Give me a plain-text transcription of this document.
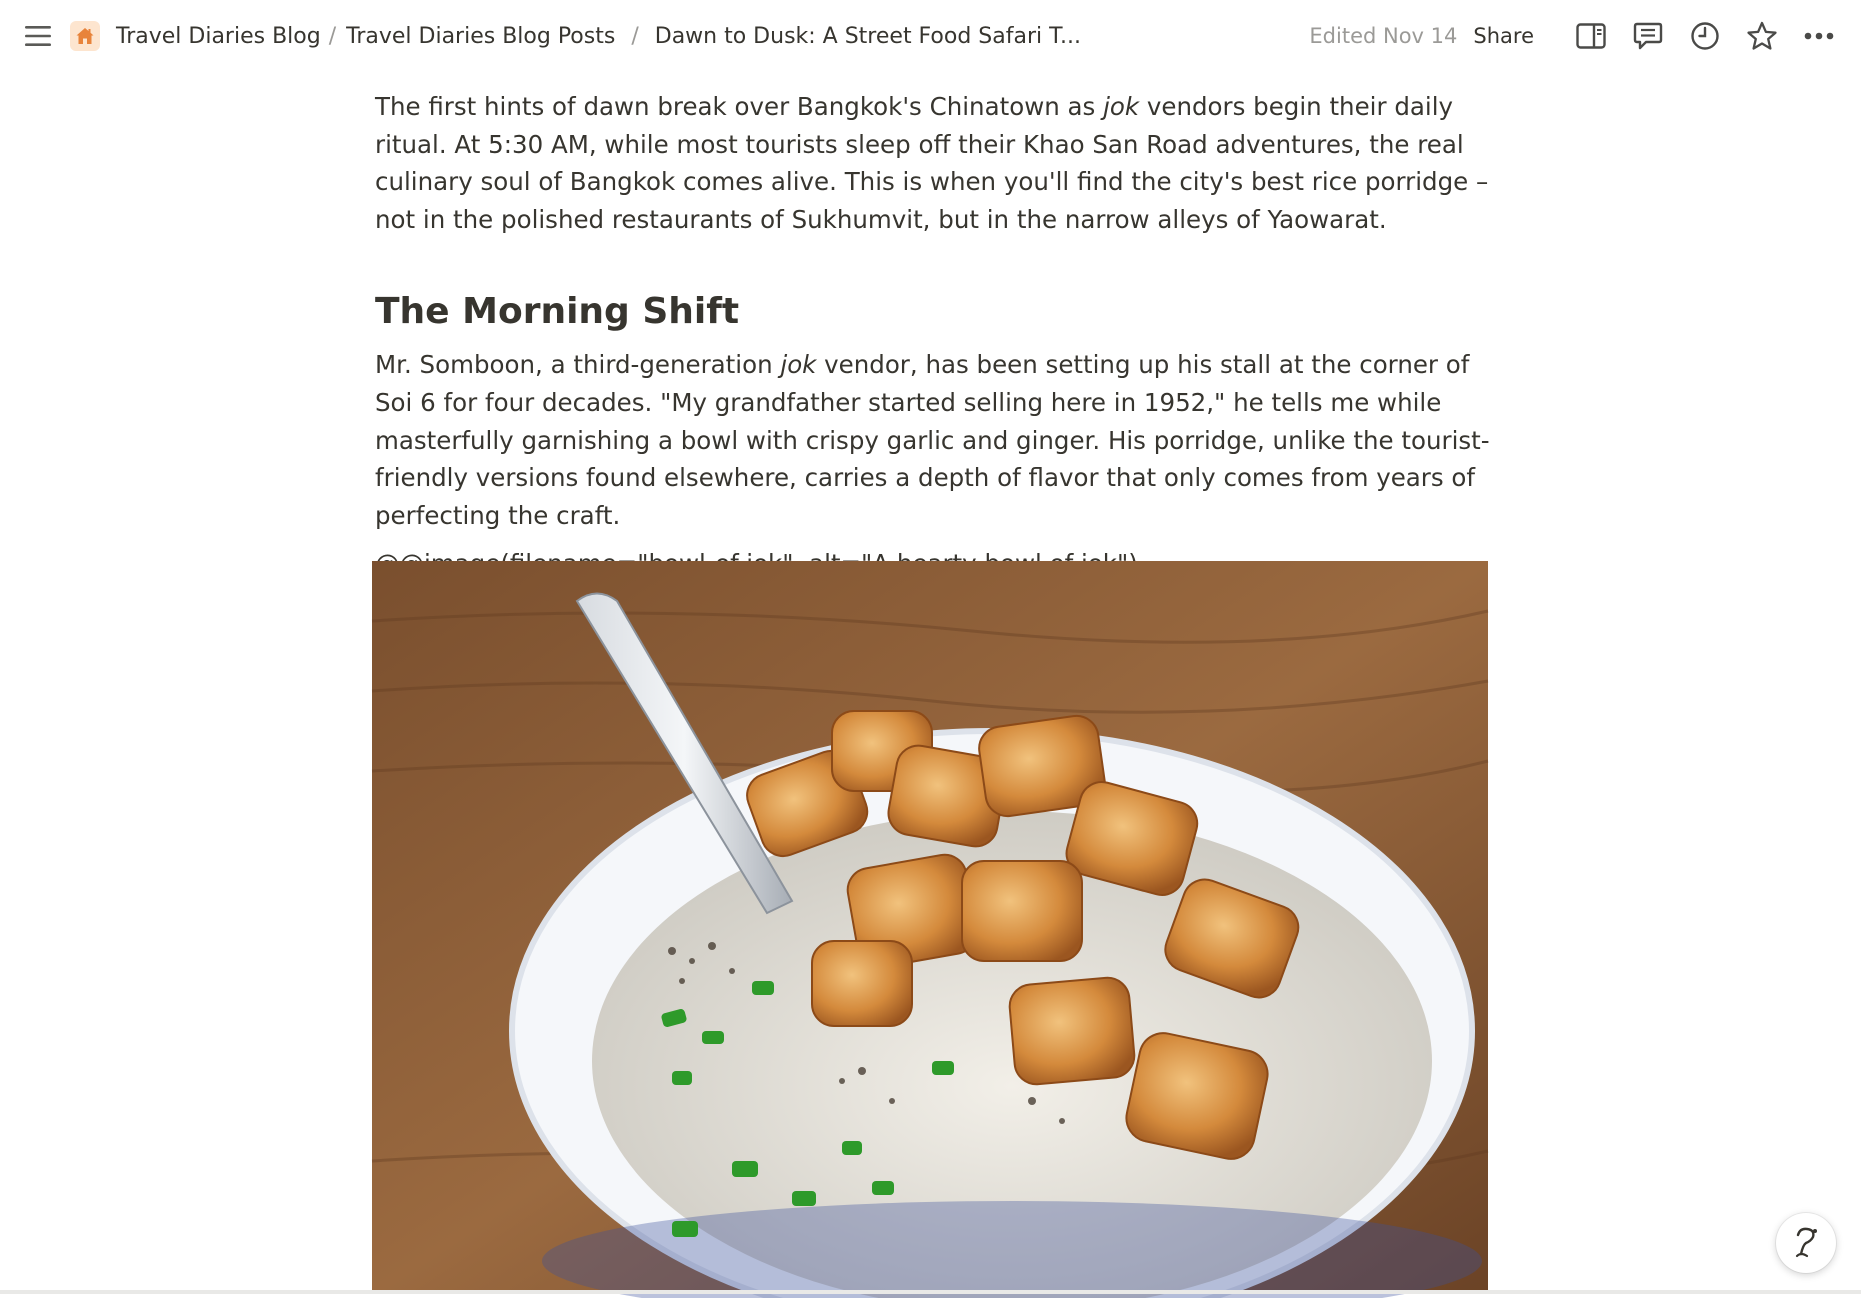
Travel Diaries Blog / Travel Diaries Blog Posts / Dawn to Dusk: A Street Food Safari T...	Edited Nov 14 Share

The first hints of dawn break over Bangkok's Chinatown as jok vendors begin their daily ritual. At 5:30 AM, while most tourists sleep off their Khao San Road adventures, the real culinary soul of Bangkok comes alive. This is when you'll find the city's best rice porridge – not in the polished restaurants of Sukhumvit, but in the narrow alleys of Yaowarat.

The Morning Shift

Mr. Somboon, a third-generation jok vendor, has been setting up his stall at the corner of Soi 6 for four decades. "My grandfather started selling here in 1952," he tells me while masterfully garnishing a bowl with crispy garlic and ginger. His porridge, unlike the tourist-friendly versions found elsewhere, carries a depth of flavor that only comes from years of perfecting the craft.
